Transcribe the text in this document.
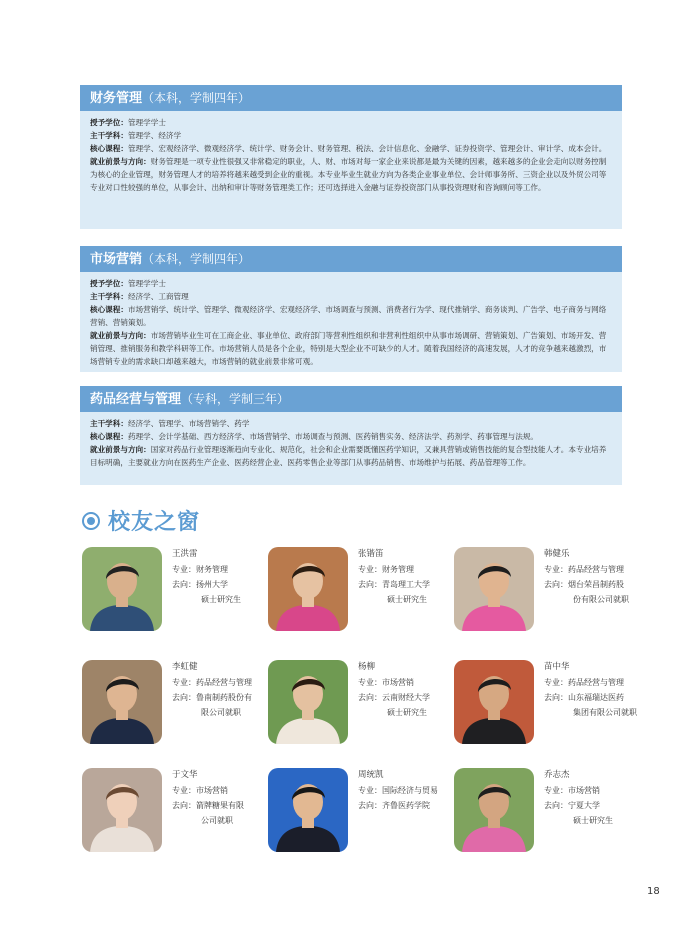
财务管理（本科，学制四年）
授予学位：管理学学士
主干学科：管理学、经济学
核心课程：管理学、宏观经济学、微观经济学、统计学、财务会计、财务管理、税法、会计信息化、金融学、证券投资学、管理会计、审计学、成本会计。
就业前景与方向：财务管理是一项专业性很强又非常稳定的职业，人、财、市场对每一家企业来说都是最为关键的因素，越来越多的企业会走向以财务控制为核心的企业管理，财务管理人才的培养将越来越受到企业的重视。本专业毕业生就业方向为各类企业事业单位、会计师事务所、三资企业以及外贸公司等专业对口性较强的单位，从事会计、出纳和审计等财务管理类工作；还可选择进入金融与证券投资部门从事投资理财和咨询顾问等工作。
市场营销（本科，学制四年）
授予学位：管理学学士
主干学科：经济学、工商管理
核心课程：市场营销学、统计学、管理学、微观经济学、宏观经济学、市场调查与预测、消费者行为学、现代推销学、商务谈判、广告学、电子商务与网络营销、营销策划。
就业前景与方向：市场营销毕业生可在工商企业、事业单位、政府部门等营利性组织和非营利性组织中从事市场调研、营销策划、广告策划、市场开发、营销管理、推销服务和教学科研等工作。市场营销人员是各个企业，特别是大型企业不可缺少的人才。随着我国经济的高速发展，人才的竞争越来越激烈，市场营销专业的需求缺口却越来越大，市场营销的就业前景非常可观。
药品经营与管理（专科，学制三年）
主干学科：经济学、管理学、市场营销学、药学
核心课程：药理学、会计学基础、西方经济学、市场营销学、市场调查与预测、医药销售实务、经济法学、药剂学、药事管理与法规。
就业前景与方向：国家对药品行业管理逐渐趋向专业化、规范化，社会和企业需要既懂医药学知识，又兼具营销或销售技能的复合型技能人才。本专业培养目标明确，主要就业方向在医药生产企业、医药经营企业、医药零售企业等部门从事药品销售、市场维护与拓展、药品管理等工作。
校友之窗
王洪雷
专业：财务管理
去向：扬州大学
硕士研究生
张锴笛
专业：财务管理
去向：青岛理工大学
硕士研究生
韩健乐
专业：药品经营与管理
去向：烟台荣昌制药股
份有限公司就职
李虹健
专业：药品经营与管理
去向：鲁南制药股份有
限公司就职
杨柳
专业：市场营销
去向：云南财经大学
硕士研究生
苗中华
专业：药品经营与管理
去向：山东福瑞达医药
集团有限公司就职
于文华
专业：市场营销
去向：箭牌糖果有限
公司就职
周统凯
专业：国际经济与贸易
去向：齐鲁医药学院
乔志杰
专业：市场营销
去向：宁夏大学
硕士研究生
18
